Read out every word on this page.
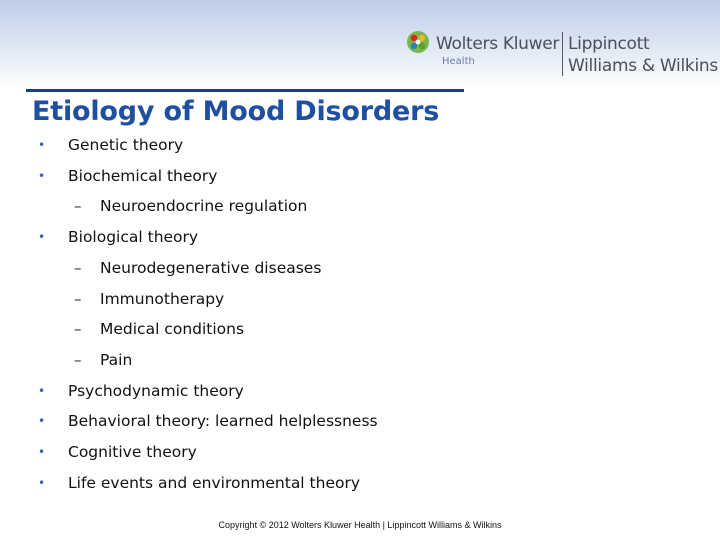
Wolters Kluwer
Health
Lippincott
Williams & Wilkins
Etiology of Mood Disorders
• Genetic theory
• Biochemical theory
– Neuroendocrine regulation
• Biological theory
– Neurodegenerative diseases
– Immunotherapy
– Medical conditions
– Pain
• Psychodynamic theory
• Behavioral theory: learned helplessness
• Cognitive theory
• Life events and environmental theory
Copyright © 2012 Wolters Kluwer Health | Lippincott Williams & Wilkins
